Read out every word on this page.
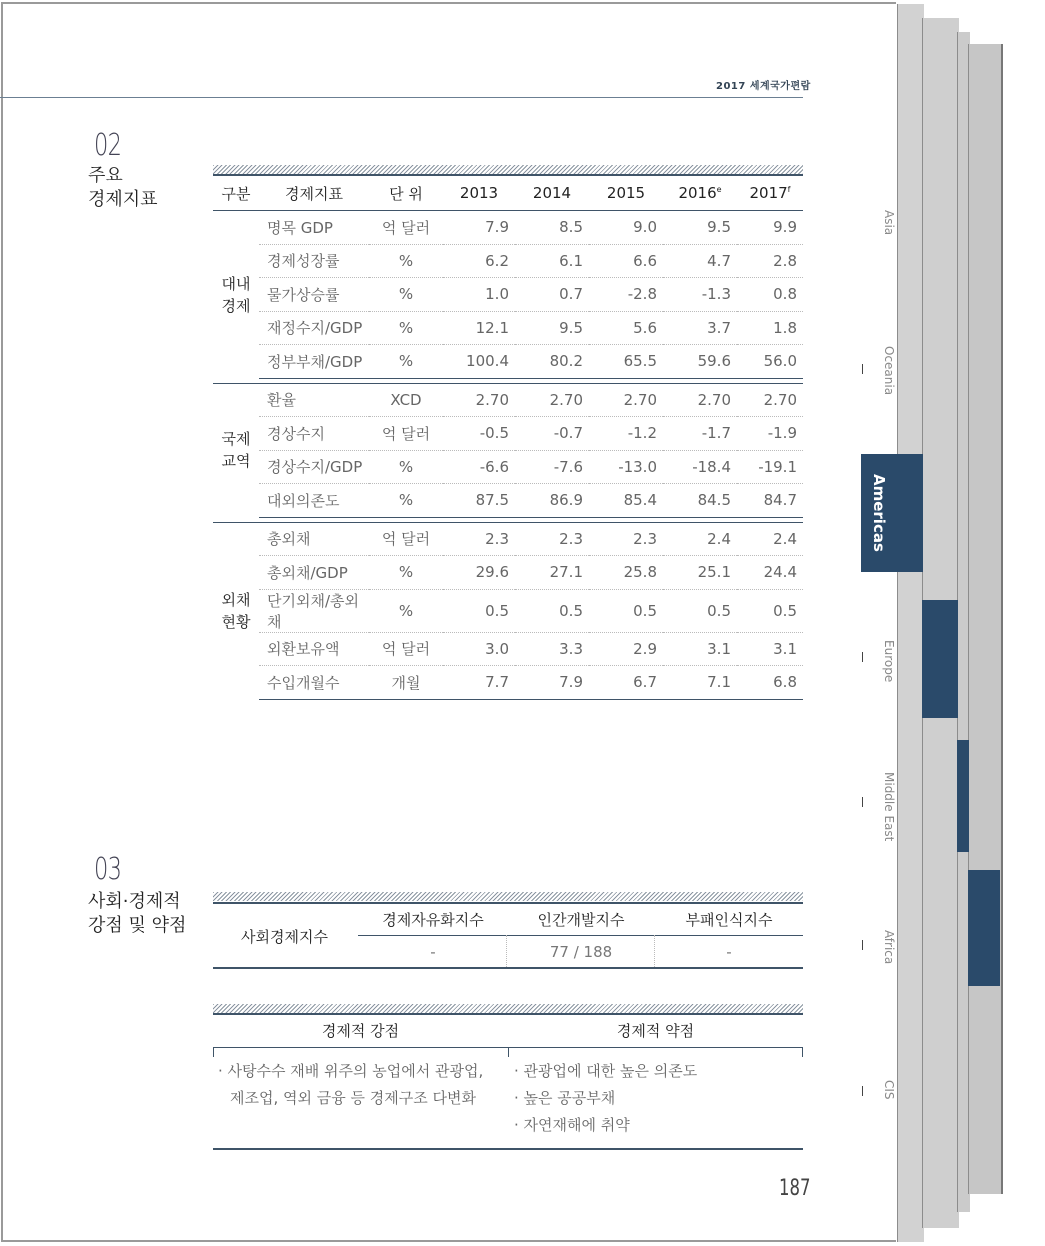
2017 세계국가편람
02
주요
경제지표	구분	경제지표	단 위	2013	2014	2015	2016e	2017$^f$

대내
경제	명목 GDP	억 달러	7.9	8.5	9.0	9.5	9.9
	경제성장률	%	6.2	6.1	6.6	4.7	2.8
	물가상승률	%	1.0	0.7	-2.8	-1.3	0.8
	재정수지/GDP	%	12.1	9.5	5.6	3.7	1.8
	정부부채/GDP	%	100.4	80.2	65.5	59.6	56.0

국제
교역	환율	XCD	2.70	2.70	2.70	2.70	2.70
	경상수지	억 달러	-0.5	-0.7	-1.2	-1.7	-1.9
	경상수지/GDP	%	-6.6	-7.6	-13.0	-18.4	-19.1
	대외의존도	%	87.5	86.9	85.4	84.5	84.7

외채
현황	총외채	억 달러	2.3	2.3	2.3	2.4	2.4
	총외채/GDP	%	29.6	27.1	25.8	25.1	24.4
	단기외채/총외채	%	0.5	0.5	0.5	0.5	0.5
	외환보유액	억 달러	3.0	3.3	2.9	3.1	3.1
	수입개월수	개월	7.7	7.9	6.7	7.1	6.8
03
사회·경제적
강점 및 약점
사회경제지수
경제자유화지수	인간개발지수	부패인식지수
-	77 / 188	-
경제적 강점	경제적 약점
· 사탕수수 재배 위주의 농업에서 관광업,
제조업, 역외 금융 등 경제구조 다변화
· 관광업에 대한 높은 의존도
· 높은 공공부채
· 자연재해에 취약
187
Asia
Oceania
Americas
Europe
Middle East
Africa
CIS
